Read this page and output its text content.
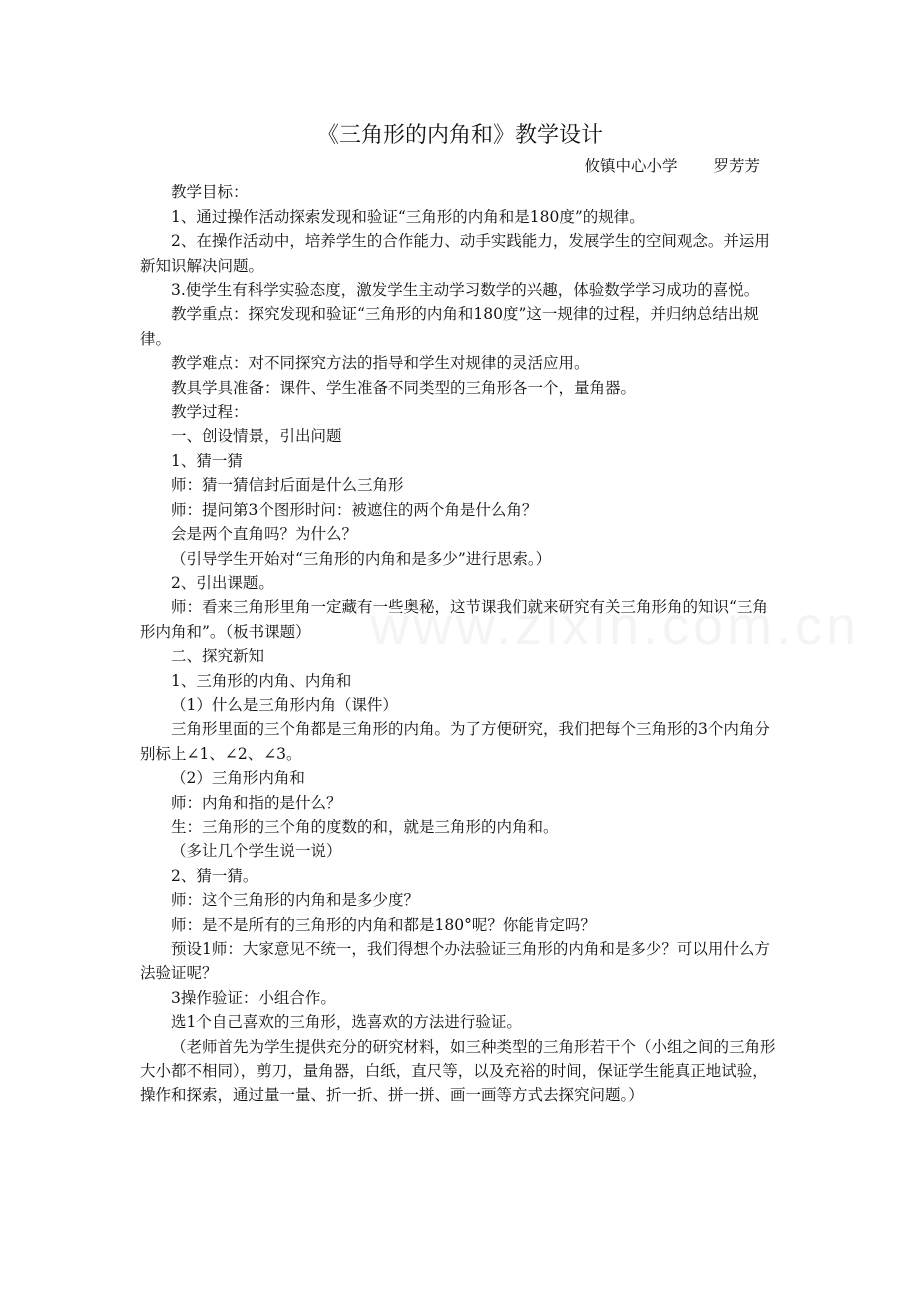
《三角形的内角和》教学设计

攸镇中心小学 罗芳芳

教学目标：

1、通过操作活动探索发现和验证“三角形的内角和是180度”的规律。

2、在操作活动中，培养学生的合作能力、动手实践能力，发展学生的空间观念。并运用新知识解决问题。

3.使学生有科学实验态度，激发学生主动学习数学的兴趣，体验数学学习成功的喜悦。

教学重点：探究发现和验证“三角形的内角和180度”这一规律的过程，并归纳总结出规律。

教学难点：对不同探究方法的指导和学生对规律的灵活应用。

教具学具准备：课件、学生准备不同类型的三角形各一个，量角器。

教学过程：

一、创设情景，引出问题

1、猜一猜

师：猜一猜信封后面是什么三角形

师：提问第3个图形时问：被遮住的两个角是什么角？

会是两个直角吗？为什么？

（引导学生开始对“三角形的内角和是多少”进行思索。）

2、引出课题。

师：看来三角形里角一定藏有一些奥秘，这节课我们就来研究有关三角形角的知识“三角形内角和”。（板书课题）

二、探究新知

1、三角形的内角、内角和

（1）什么是三角形内角（课件）

三角形里面的三个角都是三角形的内角。为了方便研究，我们把每个三角形的3个内角分别标上∠1、∠2、∠3。

（2）三角形内角和

师：内角和指的是什么？

生：三角形的三个角的度数的和，就是三角形的内角和。

（多让几个学生说一说）

2、猜一猜。

师：这个三角形的内角和是多少度？

师：是不是所有的三角形的内角和都是180°呢？你能肯定吗？

预设1师：大家意见不统一，我们得想个办法验证三角形的内角和是多少？可以用什么方法验证呢？

3操作验证：小组合作。

选1个自己喜欢的三角形，选喜欢的方法进行验证。

（老师首先为学生提供充分的研究材料，如三种类型的三角形若干个（小组之间的三角形大小都不相同），剪刀，量角器，白纸，直尺等，以及充裕的时间，保证学生能真正地试验，操作和探索，通过量一量、折一折、拼一拼、画一画等方式去探究问题。）
